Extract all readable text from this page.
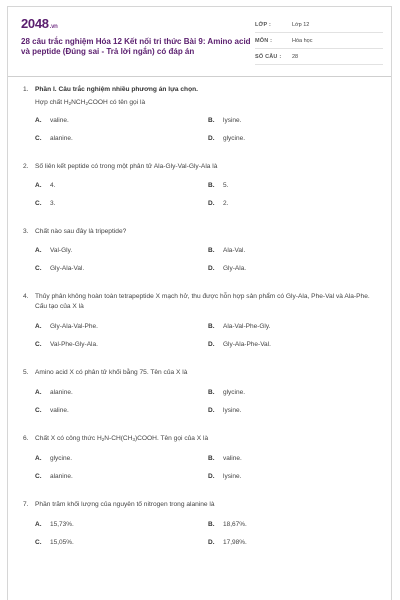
2048.vn
28 câu trắc nghiệm Hóa 12 Kết nối tri thức Bài 9: Amino acid và peptide (Đúng sai - Trả lời ngắn) có đáp án
LỚP :	Lớp 12
MÔN :	Hóa học
SỐ CÂU :	28
1. Phần I. Câu trắc nghiệm nhiều phương án lựa chọn.
Hợp chất $H_2NCH_2COOH$ có tên gọi là
A. valine.	B. lysine.
C. alanine.	D. glycine.
2. Số liên kết peptide có trong một phân tử Ala-Gly-Val-Gly-Ala là
A. 4.	B. 5.
C. 3.	D. 2.
3. Chất nào sau đây là tripeptide?
A. Val-Gly.	B. Ala-Val.
C. Gly-Ala-Val.	D. Gly-Ala.
4. Thủy phân không hoàn toàn tetrapeptide X mạch hở, thu được hỗn hợp sản phẩm có Gly-Ala, Phe-Val và Ala-Phe. Cấu tạo của X là
A. Gly-Ala-Val-Phe.	B. Ala-Val-Phe-Gly.
C. Val-Phe-Gly-Ala.	D. Gly-Ala-Phe-Val.
5. Amino acid X có phân tử khối bằng 75. Tên của X là
A. alanine.	B. glycine.
C. valine.	D. lysine.
6. Chất X có công thức $H_2N-CH(CH_3)COOH$. Tên gọi của X là
A. glycine.	B. valine.
C. alanine.	D. lysine.
7. Phần trăm khối lượng của nguyên tố nitrogen trong alanine là
A. 15,73%.	B. 18,67%.
C. 15,05%.	D. 17,98%.
